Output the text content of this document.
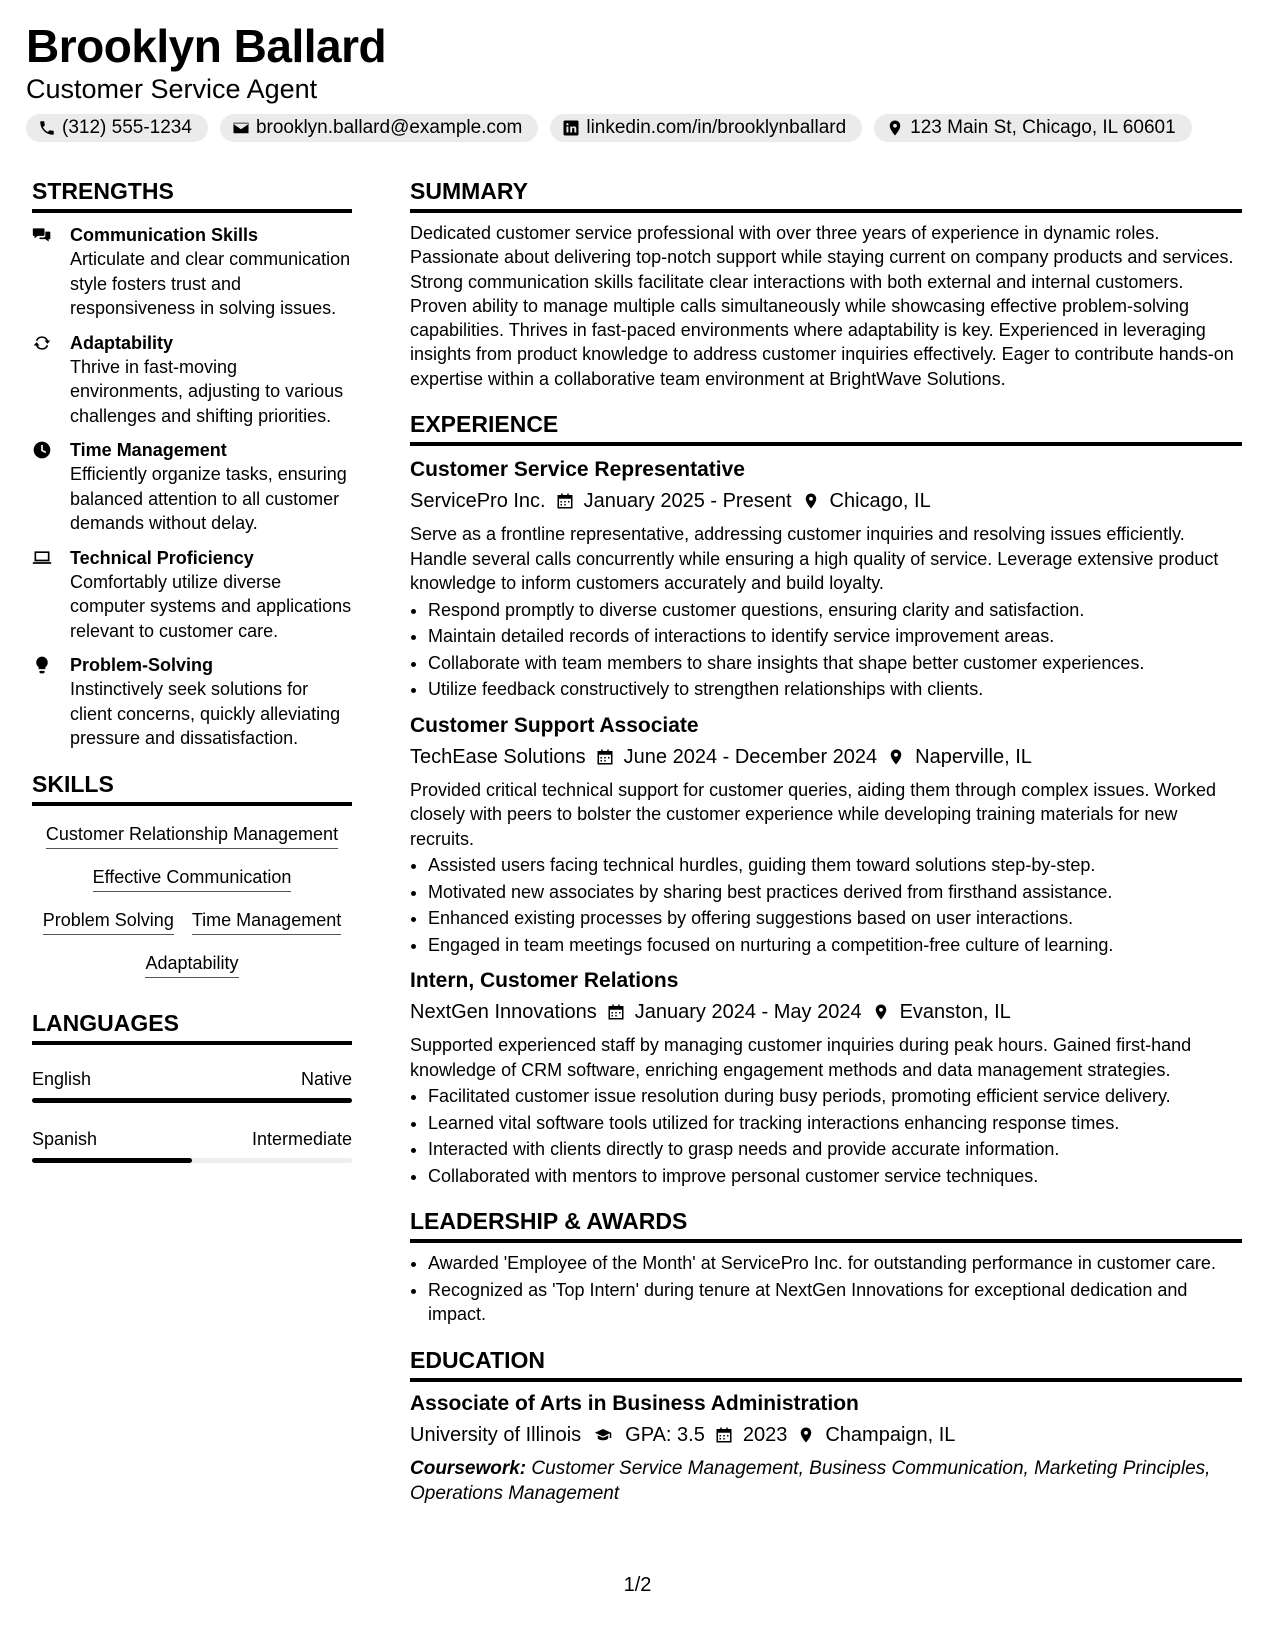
Brooklyn Ballard
Customer Service Agent
(312) 555-1234	brooklyn.ballard@example.com	linkedin.com/in/brooklynballard	123 Main St, Chicago, IL 60601
STRENGTHS
Communication Skills
Articulate and clear communication style fosters trust and responsiveness in solving issues.
Adaptability
Thrive in fast-moving environments, adjusting to various challenges and shifting priorities.
Time Management
Efficiently organize tasks, ensuring balanced attention to all customer demands without delay.
Technical Proficiency
Comfortably utilize diverse computer systems and applications relevant to customer care.
Problem-Solving
Instinctively seek solutions for client concerns, quickly alleviating pressure and dissatisfaction.
SKILLS
Customer Relationship Management
Effective Communication
Problem Solving Time Management
Adaptability
LANGUAGES
English	Native
Spanish	Intermediate
SUMMARY

Dedicated customer service professional with over three years of experience in dynamic roles. Passionate about delivering top-notch support while staying current on company products and services. Strong communication skills facilitate clear interactions with both external and internal customers. Proven ability to manage multiple calls simultaneously while showcasing effective problem-solving capabilities. Thrives in fast-paced environments where adaptability is key. Experienced in leveraging insights from product knowledge to address customer inquiries effectively. Eager to contribute hands-on expertise within a collaborative team environment at BrightWave Solutions.

EXPERIENCE
Customer Service Representative
ServicePro Inc. January 2025 - Present Chicago, IL
Serve as a frontline representative, addressing customer inquiries and resolving issues efficiently. Handle several calls concurrently while ensuring a high quality of service. Leverage extensive product knowledge to inform customers accurately and build loyalty.
• Respond promptly to diverse customer questions, ensuring clarity and satisfaction.
• Maintain detailed records of interactions to identify service improvement areas.
• Collaborate with team members to share insights that shape better customer experiences.
• Utilize feedback constructively to strengthen relationships with clients.
Customer Support Associate
TechEase Solutions June 2024 - December 2024 Naperville, IL
Provided critical technical support for customer queries, aiding them through complex issues. Worked closely with peers to bolster the customer experience while developing training materials for new recruits.
• Assisted users facing technical hurdles, guiding them toward solutions step-by-step.
• Motivated new associates by sharing best practices derived from firsthand assistance.
• Enhanced existing processes by offering suggestions based on user interactions.
• Engaged in team meetings focused on nurturing a competition-free culture of learning.
Intern, Customer Relations
NextGen Innovations January 2024 - May 2024 Evanston, IL
Supported experienced staff by managing customer inquiries during peak hours. Gained first-hand knowledge of CRM software, enriching engagement methods and data management strategies.
• Facilitated customer issue resolution during busy periods, promoting efficient service delivery.
• Learned vital software tools utilized for tracking interactions enhancing response times.
• Interacted with clients directly to grasp needs and provide accurate information.
• Collaborated with mentors to improve personal customer service techniques.
LEADERSHIP & AWARDS
• Awarded 'Employee of the Month' at ServicePro Inc. for outstanding performance in customer care.
• Recognized as 'Top Intern' during tenure at NextGen Innovations for exceptional dedication and impact.
EDUCATION
Associate of Arts in Business Administration
University of Illinois GPA: 3.5 2023 Champaign, IL
Coursework: Customer Service Management, Business Communication, Marketing Principles, Operations Management
1/2
